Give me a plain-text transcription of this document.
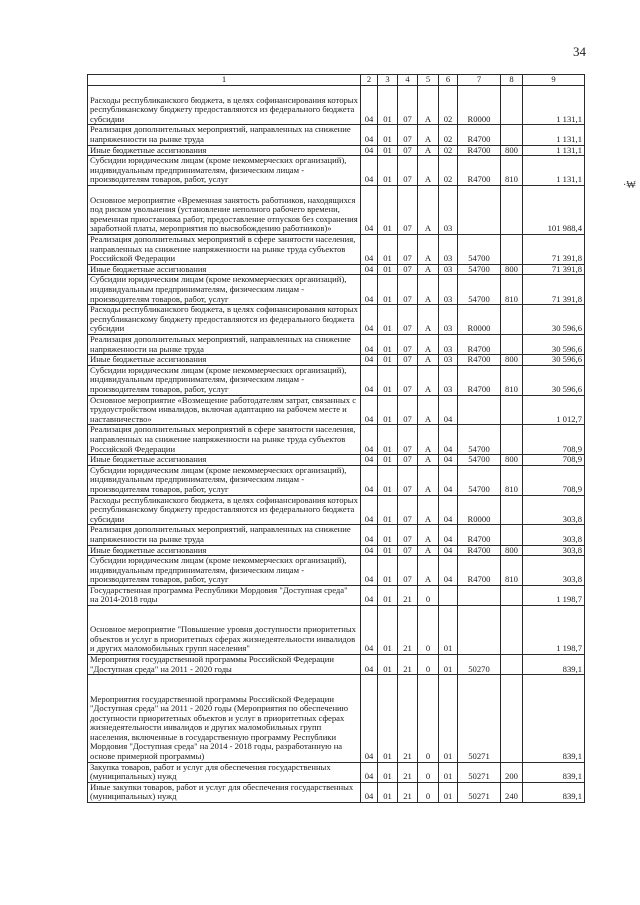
34
·₩
1	2	3	4	5	6	7	8	9
Расходы республиканского бюджета, в целях софинансирования которых республиканскому бюджету предоставляются из федерального бюджета субсидии	04	01	07	А	02	R0000		1 131,1
Реализация дополнительных мероприятий, направленных на снижение напряженности на рынке труда	04	01	07	А	02	R4700		1 131,1
Иные бюджетные ассигнования	04	01	07	А	02	R4700	800	1 131,1
Субсидии юридическим лицам (кроме некоммерческих организаций), индивидуальным предпринимателям, физическим лицам - производителям товаров, работ, услуг	04	01	07	А	02	R4700	810	1 131,1
Основное мероприятие «Временная занятость работников, находящихся под риском увольнения (установление неполного рабочего времени, временная приостановка работ, предоставление отпусков без сохранения заработной платы, мероприятия по высвобождению работников)»	04	01	07	А	03			101 988,4
Реализация дополнительных мероприятий в сфере занятости населения, направленных на снижение напряженности на рынке труда субъектов Российской Федерации	04	01	07	А	03	54700		71 391,8
Иные бюджетные ассигнования	04	01	07	А	03	54700	800	71 391,8
Субсидии юридическим лицам (кроме некоммерческих организаций), индивидуальным предпринимателям, физическим лицам - производителям товаров, работ, услуг	04	01	07	А	03	54700	810	71 391,8
Расходы республиканского бюджета, в целях софинансирования которых республиканскому бюджету предоставляются из федерального бюджета субсидии	04	01	07	А	03	R0000		30 596,6
Реализация дополнительных мероприятий, направленных на снижение напряженности на рынке труда	04	01	07	А	03	R4700		30 596,6
Иные бюджетные ассигнования	04	01	07	А	03	R4700	800	30 596,6
Субсидии юридическим лицам (кроме некоммерческих организаций), индивидуальным предпринимателям, физическим лицам - производителям товаров, работ, услуг	04	01	07	А	03	R4700	810	30 596,6
Основное мероприятие «Возмещение работодателям затрат, связанных с трудоустройством инвалидов, включая адаптацию на рабочем месте и наставничество»	04	01	07	А	04			1 012,7
Реализация дополнительных мероприятий в сфере занятости населения, направленных на снижение напряженности на рынке труда субъектов Российской Федерации	04	01	07	А	04	54700		708,9
Иные бюджетные ассигнования	04	01	07	А	04	54700	800	708,9
Субсидии юридическим лицам (кроме некоммерческих организаций), индивидуальным предпринимателям, физическим лицам - производителям товаров, работ, услуг	04	01	07	А	04	54700	810	708,9
Расходы республиканского бюджета, в целях софинансирования которых республиканскому бюджету предоставляются из федерального бюджета субсидии	04	01	07	А	04	R0000		303,8
Реализация дополнительных мероприятий, направленных на снижение напряженности на рынке труда	04	01	07	А	04	R4700		303,8
Иные бюджетные ассигнования	04	01	07	А	04	R4700	800	303,8
Субсидии юридическим лицам (кроме некоммерческих организаций), индивидуальным предпринимателям, физическим лицам - производителям товаров, работ, услуг	04	01	07	А	04	R4700	810	303,8
Государственная программа Республики Мордовия "Доступная среда" на 2014-2018 годы	04	01	21	0				1 198,7
Основное мероприятие "Повышение уровня доступности приоритетных объектов и услуг в приоритетных сферах жизнедеятельности инвалидов и других маломобильных групп населения"	04	01	21	0	01			1 198,7
Мероприятия государственной программы Российской Федерации "Доступная среда" на 2011 - 2020 годы	04	01	21	0	01	50270		839,1
Мероприятия государственной программы Российской Федерации "Доступная среда" на 2011 - 2020 годы (Мероприятия по обеспечению доступности приоритетных объектов и услуг в приоритетных сферах жизнедеятельности инвалидов и других маломобильных групп населения, включенные в государственную программу Республики Мордовия "Доступная среда" на 2014 - 2018 годы, разработанную на основе примерной программы)	04	01	21	0	01	50271		839,1
Закупка товаров, работ и услуг для обеспечения государственных (муниципальных) нужд	04	01	21	0	01	50271	200	839,1
Иные закупки товаров, работ и услуг для обеспечения государственных (муниципальных) нужд	04	01	21	0	01	50271	240	839,1
